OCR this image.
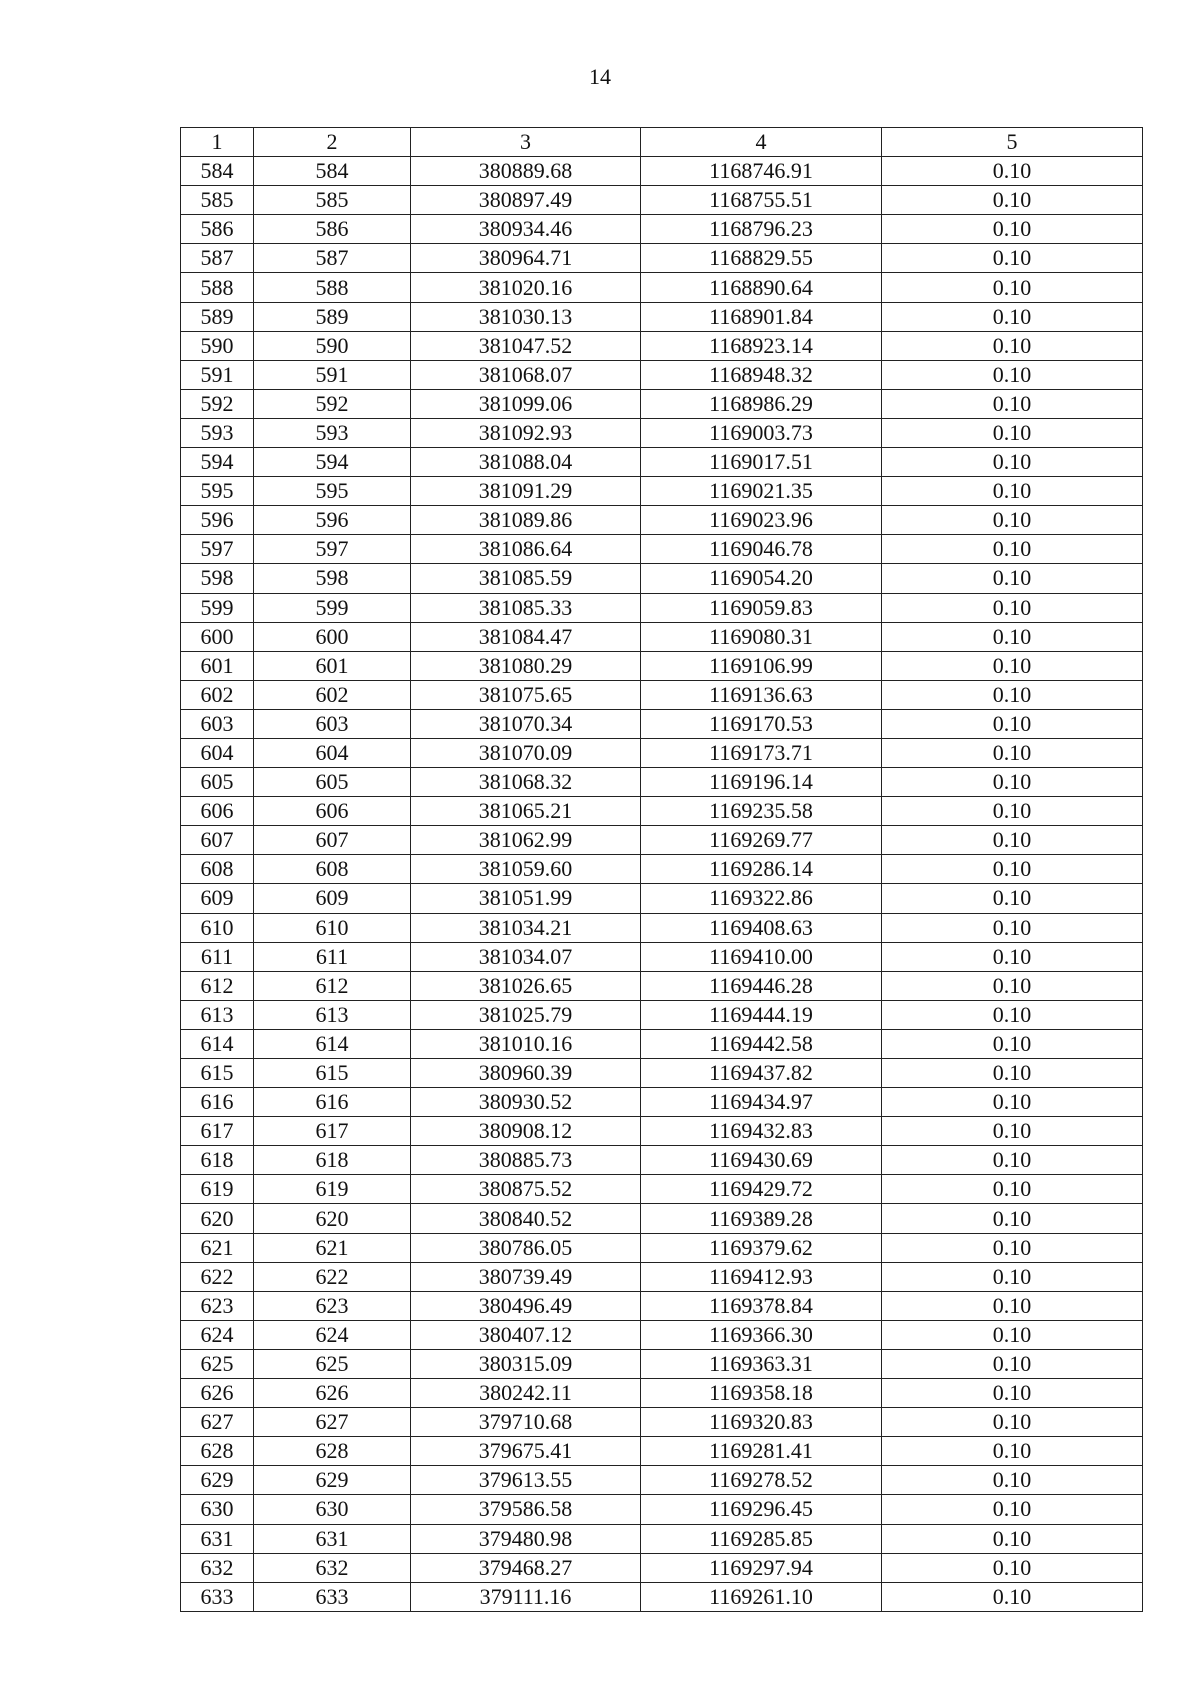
14
1	2	3	4	5
584	584	380889.68	1168746.91	0.10
585	585	380897.49	1168755.51	0.10
586	586	380934.46	1168796.23	0.10
587	587	380964.71	1168829.55	0.10
588	588	381020.16	1168890.64	0.10
589	589	381030.13	1168901.84	0.10
590	590	381047.52	1168923.14	0.10
591	591	381068.07	1168948.32	0.10
592	592	381099.06	1168986.29	0.10
593	593	381092.93	1169003.73	0.10
594	594	381088.04	1169017.51	0.10
595	595	381091.29	1169021.35	0.10
596	596	381089.86	1169023.96	0.10
597	597	381086.64	1169046.78	0.10
598	598	381085.59	1169054.20	0.10
599	599	381085.33	1169059.83	0.10
600	600	381084.47	1169080.31	0.10
601	601	381080.29	1169106.99	0.10
602	602	381075.65	1169136.63	0.10
603	603	381070.34	1169170.53	0.10
604	604	381070.09	1169173.71	0.10
605	605	381068.32	1169196.14	0.10
606	606	381065.21	1169235.58	0.10
607	607	381062.99	1169269.77	0.10
608	608	381059.60	1169286.14	0.10
609	609	381051.99	1169322.86	0.10
610	610	381034.21	1169408.63	0.10
611	611	381034.07	1169410.00	0.10
612	612	381026.65	1169446.28	0.10
613	613	381025.79	1169444.19	0.10
614	614	381010.16	1169442.58	0.10
615	615	380960.39	1169437.82	0.10
616	616	380930.52	1169434.97	0.10
617	617	380908.12	1169432.83	0.10
618	618	380885.73	1169430.69	0.10
619	619	380875.52	1169429.72	0.10
620	620	380840.52	1169389.28	0.10
621	621	380786.05	1169379.62	0.10
622	622	380739.49	1169412.93	0.10
623	623	380496.49	1169378.84	0.10
624	624	380407.12	1169366.30	0.10
625	625	380315.09	1169363.31	0.10
626	626	380242.11	1169358.18	0.10
627	627	379710.68	1169320.83	0.10
628	628	379675.41	1169281.41	0.10
629	629	379613.55	1169278.52	0.10
630	630	379586.58	1169296.45	0.10
631	631	379480.98	1169285.85	0.10
632	632	379468.27	1169297.94	0.10
633	633	379111.16	1169261.10	0.10
